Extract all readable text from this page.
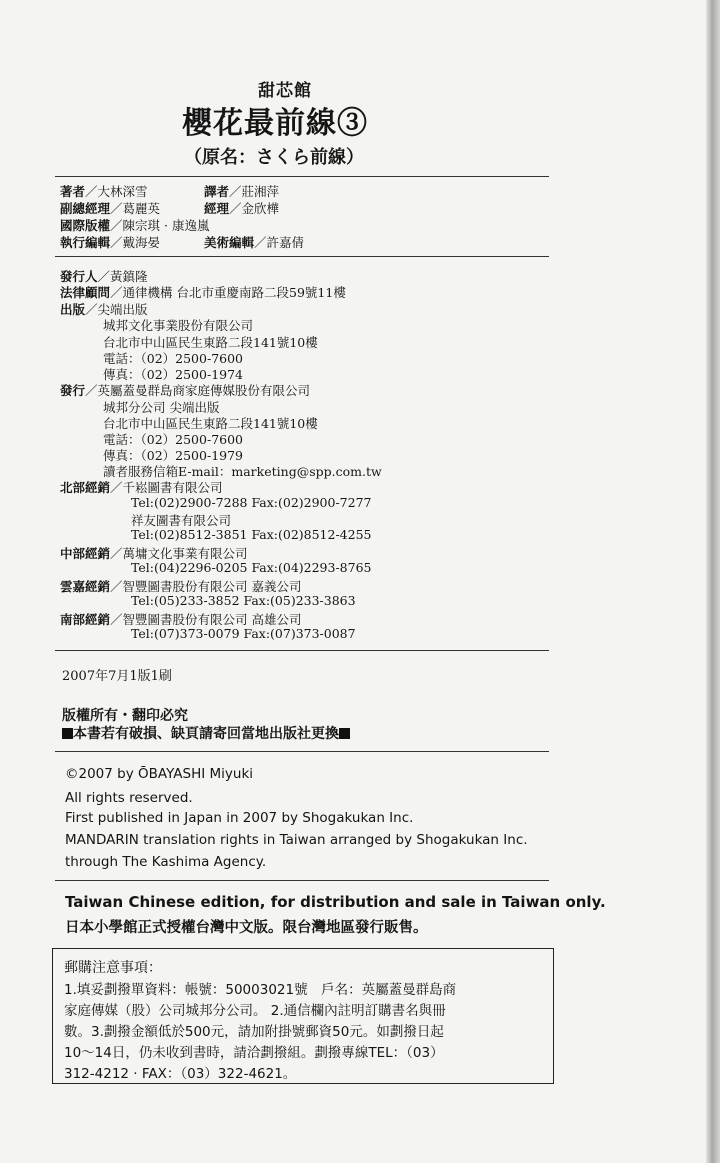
甜芯館
櫻花最前線③
（原名：さくら前線）
著者／大林深雪	譯者／莊湘萍
副總經理／葛麗英	經理／金欣樺
國際版權／陳宗琪 · 康逸嵐
執行編輯／戴海晏	美術編輯／許嘉倩
發行人／黃鎮隆
法律顧問／通律機構 台北市重慶南路二段59號11樓
出版／尖端出版
城邦文化事業股份有限公司
台北市中山區民生東路二段141號10樓
電話：（02）2500-7600
傳真：（02）2500-1974
發行／英屬蓋曼群島商家庭傳媒股份有限公司
城邦分公司 尖端出版
台北市中山區民生東路二段141號10樓
電話：（02）2500-7600
傳真：（02）2500-1979
讀者服務信箱E-mail：marketing@spp.com.tw
北部經銷／千崧圖書有限公司
Tel:(02)2900-7288 Fax:(02)2900-7277
祥友圖書有限公司
Tel:(02)8512-3851 Fax:(02)8512-4255
中部經銷／萬墉文化事業有限公司
Tel:(04)2296-0205 Fax:(04)2293-8765
雲嘉經銷／智豐圖書股份有限公司 嘉義公司
Tel:(05)233-3852 Fax:(05)233-3863
南部經銷／智豐圖書股份有限公司 高雄公司
Tel:(07)373-0079 Fax:(07)373-0087
2007年7月1版1刷
版權所有・翻印必究
本書若有破損、缺頁請寄回當地出版社更換
©2007 by ŌBAYASHI Miyuki
All rights reserved.
First published in Japan in 2007 by Shogakukan Inc.
MANDARIN translation rights in Taiwan arranged by Shogakukan Inc.
through The Kashima Agency.
Taiwan Chinese edition, for distribution and sale in Taiwan only.
日本小學館正式授權台灣中文版。限台灣地區發行販售。
郵購注意事項：
1.填妥劃撥單資料：帳號：50003021號　戶名：英屬蓋曼群島商
家庭傳媒（股）公司城邦分公司。 2.通信欄內註明訂購書名與冊
數。3.劃撥金額低於500元，請加附掛號郵資50元。如劃撥日起
10～14日，仍未收到書時，請洽劃撥組。劃撥專線TEL：（03）
312-4212 · FAX：（03）322-4621。
